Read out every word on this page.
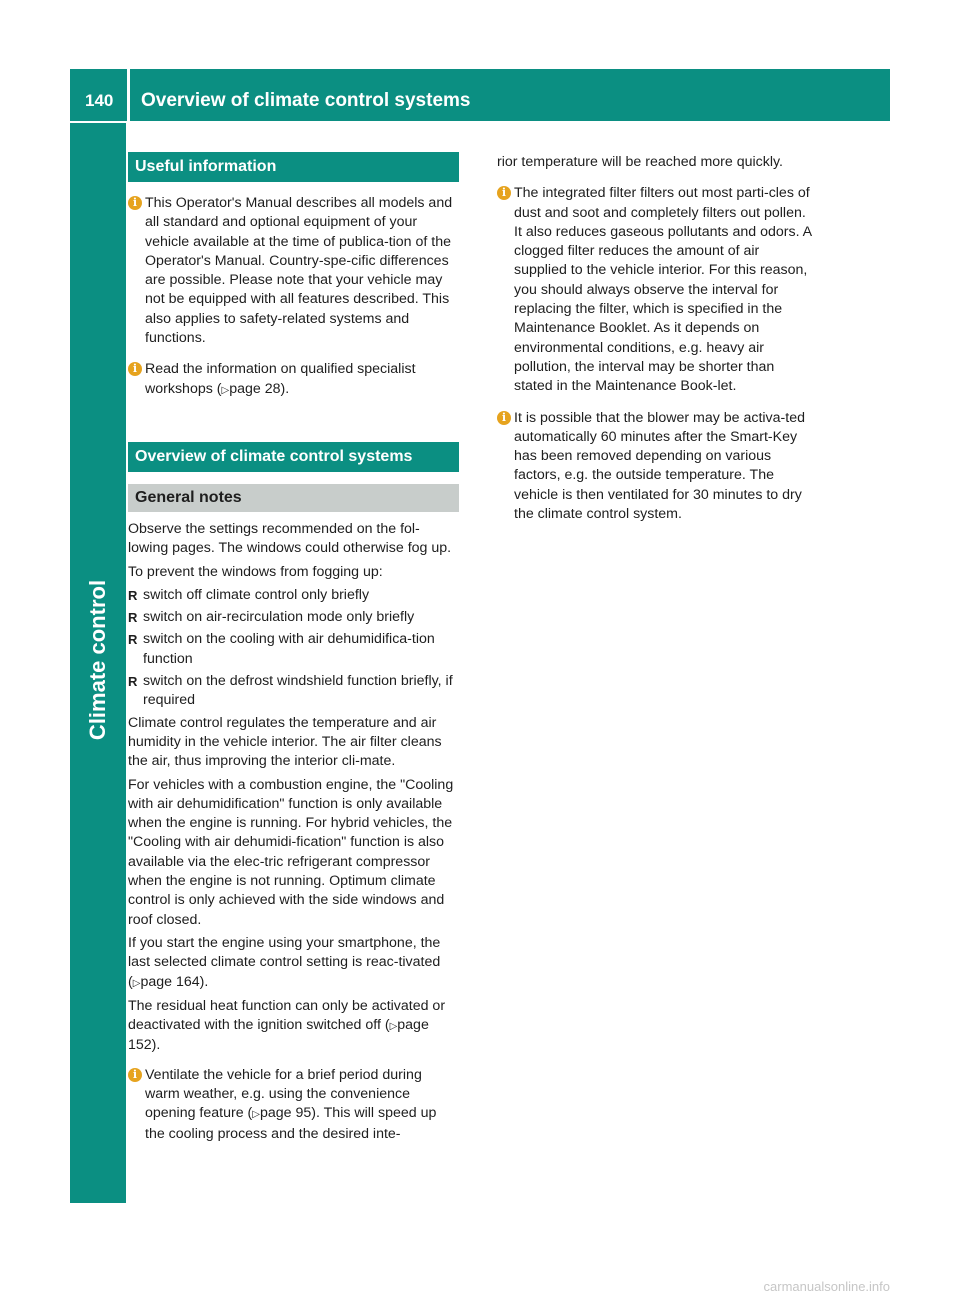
140	Overview of climate control systems
Climate control
Useful information
i This Operator's Manual describes all models and all standard and optional equipment of your vehicle available at the time of publica-tion of the Operator's Manual. Country-spe-cific differences are possible. Please note that your vehicle may not be equipped with all features described. This also applies to safety-related systems and functions.
i Read the information on qualified specialist workshops (▷page 28).
Overview of climate control systems
General notes

Observe the settings recommended on the fol-lowing pages. The windows could otherwise fog up.

To prevent the windows from fogging up:

R switch off climate control only briefly
R switch on air-recirculation mode only briefly
R switch on the cooling with air dehumidifica-tion function
R switch on the defrost windshield function briefly, if required

Climate control regulates the temperature and air humidity in the vehicle interior. The air filter cleans the air, thus improving the interior cli-mate.

For vehicles with a combustion engine, the "Cooling with air dehumidification" function is only available when the engine is running. For hybrid vehicles, the "Cooling with air dehumidi-fication" function is also available via the elec-tric refrigerant compressor when the engine is not running. Optimum climate control is only achieved with the side windows and roof closed.

If you start the engine using your smartphone, the last selected climate control setting is reac-tivated (▷page 164).

The residual heat function can only be activated or deactivated with the ignition switched off (▷page 152).

i Ventilate the vehicle for a brief period during warm weather, e.g. using the convenience opening feature (▷page 95). This will speed up the cooling process and the desired inte-
rior temperature will be reached more quickly.
i The integrated filter filters out most parti-cles of dust and soot and completely filters out pollen. It also reduces gaseous pollutants and odors. A clogged filter reduces the amount of air supplied to the vehicle interior. For this reason, you should always observe the interval for replacing the filter, which is specified in the Maintenance Booklet. As it depends on environmental conditions, e.g. heavy air pollution, the interval may be shorter than stated in the Maintenance Book-let.
i It is possible that the blower may be activa-ted automatically 60 minutes after the Smart-Key has been removed depending on various factors, e.g. the outside temperature. The vehicle is then ventilated for 30 minutes to dry the climate control system.
carmanualsonline.info
